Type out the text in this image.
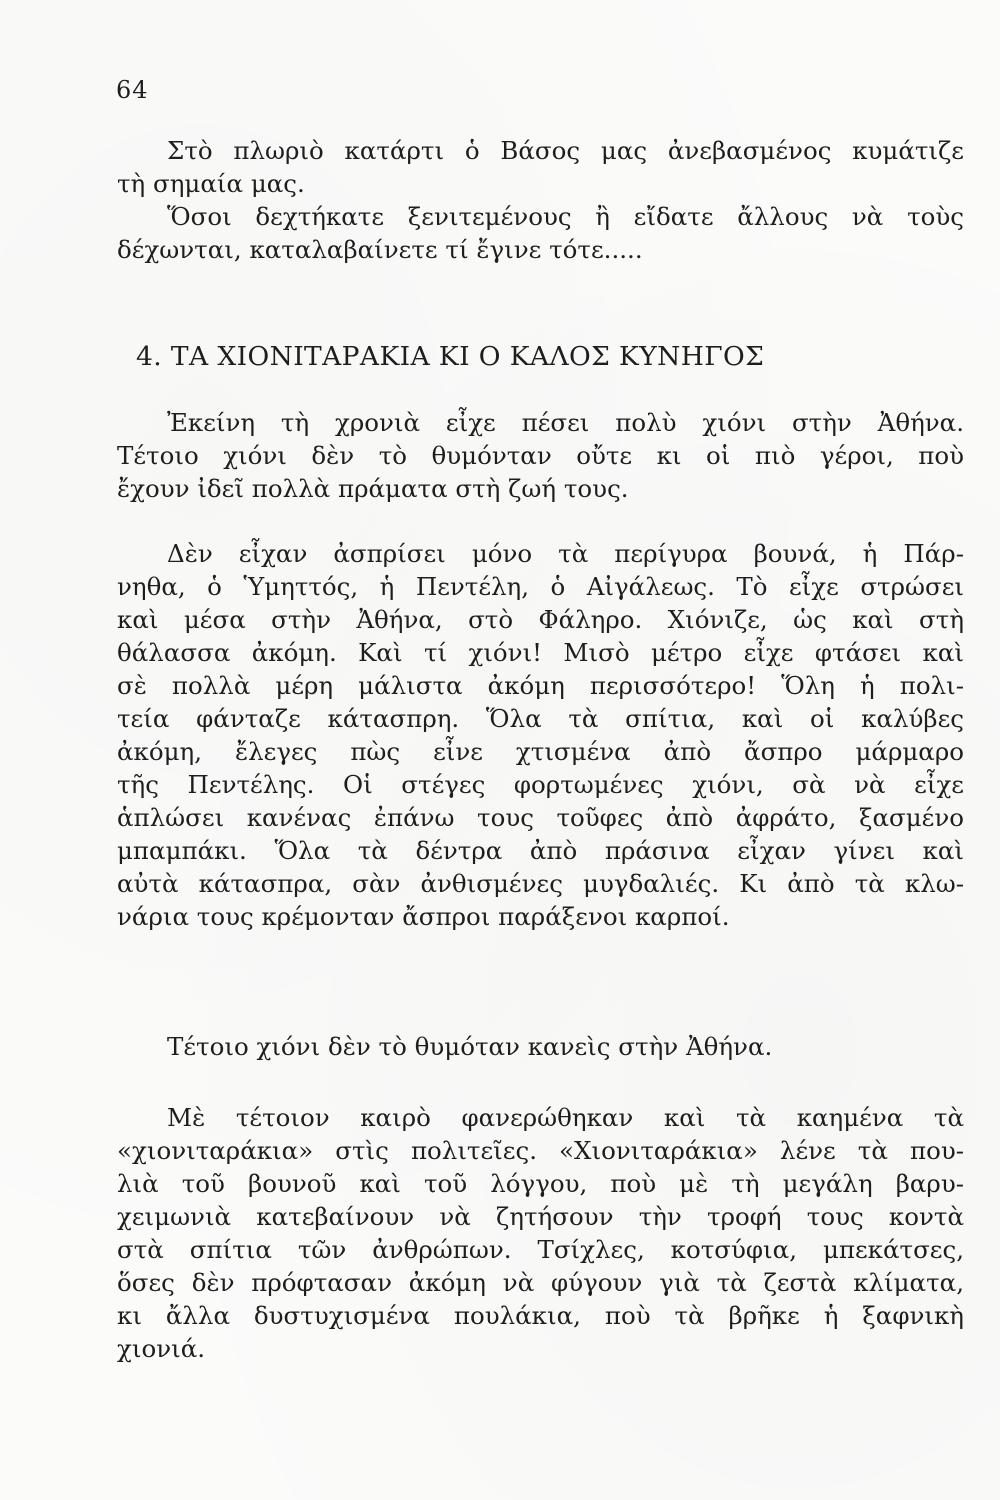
64
Στὸ πλωριὸ κατάρτι ὁ Βάσος μας ἀνεβασμένος κυμάτιζε
τὴ σημαία μας.
Ὅσοι δεχτήκατε ξενιτεμένους ἢ εἴδατε ἄλλους νὰ τοὺς
δέχωνται, καταλαβαίνετε τί ἔγινε τότε.....
4. ΤΑ ΧΙΟΝΙΤΑΡΑΚΙΑ ΚΙ Ο ΚΑΛΟΣ ΚΥΝΗΓΟΣ
Ἐκείνη τὴ χρονιὰ εἶχε πέσει πολὺ χιόνι στὴν Ἀθήνα.
Τέτοιο χιόνι δὲν τὸ θυμόνταν οὔτε κι οἱ πιὸ γέροι, ποὺ
ἔχουν ἰδεῖ πολλὰ πράματα στὴ ζωή τους.
Δὲν εἶχαν ἀσπρίσει μόνο τὰ περίγυρα βουνά, ἡ Πάρ-
νηθα, ὁ Ὑμηττός, ἡ Πεντέλη, ὁ Αἰγάλεως. Τὸ εἶχε στρώσει
καὶ μέσα στὴν Ἀθήνα, στὸ Φάληρο. Χιόνιζε, ὡς καὶ στὴ
θάλασσα ἀκόμη. Καὶ τί χιόνι! Μισὸ μέτρο εἶχε φτάσει καὶ
σὲ πολλὰ μέρη μάλιστα ἀκόμη περισσότερο! Ὅλη ἡ πολι-
τεία φάνταζε κάτασπρη. Ὅλα τὰ σπίτια, καὶ οἱ καλύβες
ἀκόμη, ἔλεγες πὼς εἶνε χτισμένα ἀπὸ ἄσπρο μάρμαρο
τῆς Πεντέλης. Οἱ στέγες φορτωμένες χιόνι, σὰ νὰ εἶχε
ἁπλώσει κανένας ἐπάνω τους τοῦφες ἀπὸ ἀφράτο, ξασμένο
μπαμπάκι. Ὅλα τὰ δέντρα ἀπὸ πράσινα εἶχαν γίνει καὶ
αὐτὰ κάτασπρα, σὰν ἀνθισμένες μυγδαλιές. Κι ἀπὸ τὰ κλω-
νάρια τους κρέμονταν ἄσπροι παράξενοι καρποί.
Τέτοιο χιόνι δὲν τὸ θυμόταν κανεὶς στὴν Ἀθήνα.
Μὲ τέτοιον καιρὸ φανερώθηκαν καὶ τὰ καημένα τὰ
«χιονιταράκια» στὶς πολιτεῖες. «Χιονιταράκια» λένε τὰ που-
λιὰ τοῦ βουνοῦ καὶ τοῦ λόγγου, ποὺ μὲ τὴ μεγάλη βαρυ-
χειμωνιὰ κατεβαίνουν νὰ ζητήσουν τὴν τροφή τους κοντὰ
στὰ σπίτια τῶν ἀνθρώπων. Τσίχλες, κοτσύφια, μπεκάτσες,
ὅσες δὲν πρόφτασαν ἀκόμη νὰ φύγουν γιὰ τὰ ζεστὰ κλίματα,
κι ἄλλα δυστυχισμένα πουλάκια, ποὺ τὰ βρῆκε ἡ ξαφνικὴ
χιονιά.
